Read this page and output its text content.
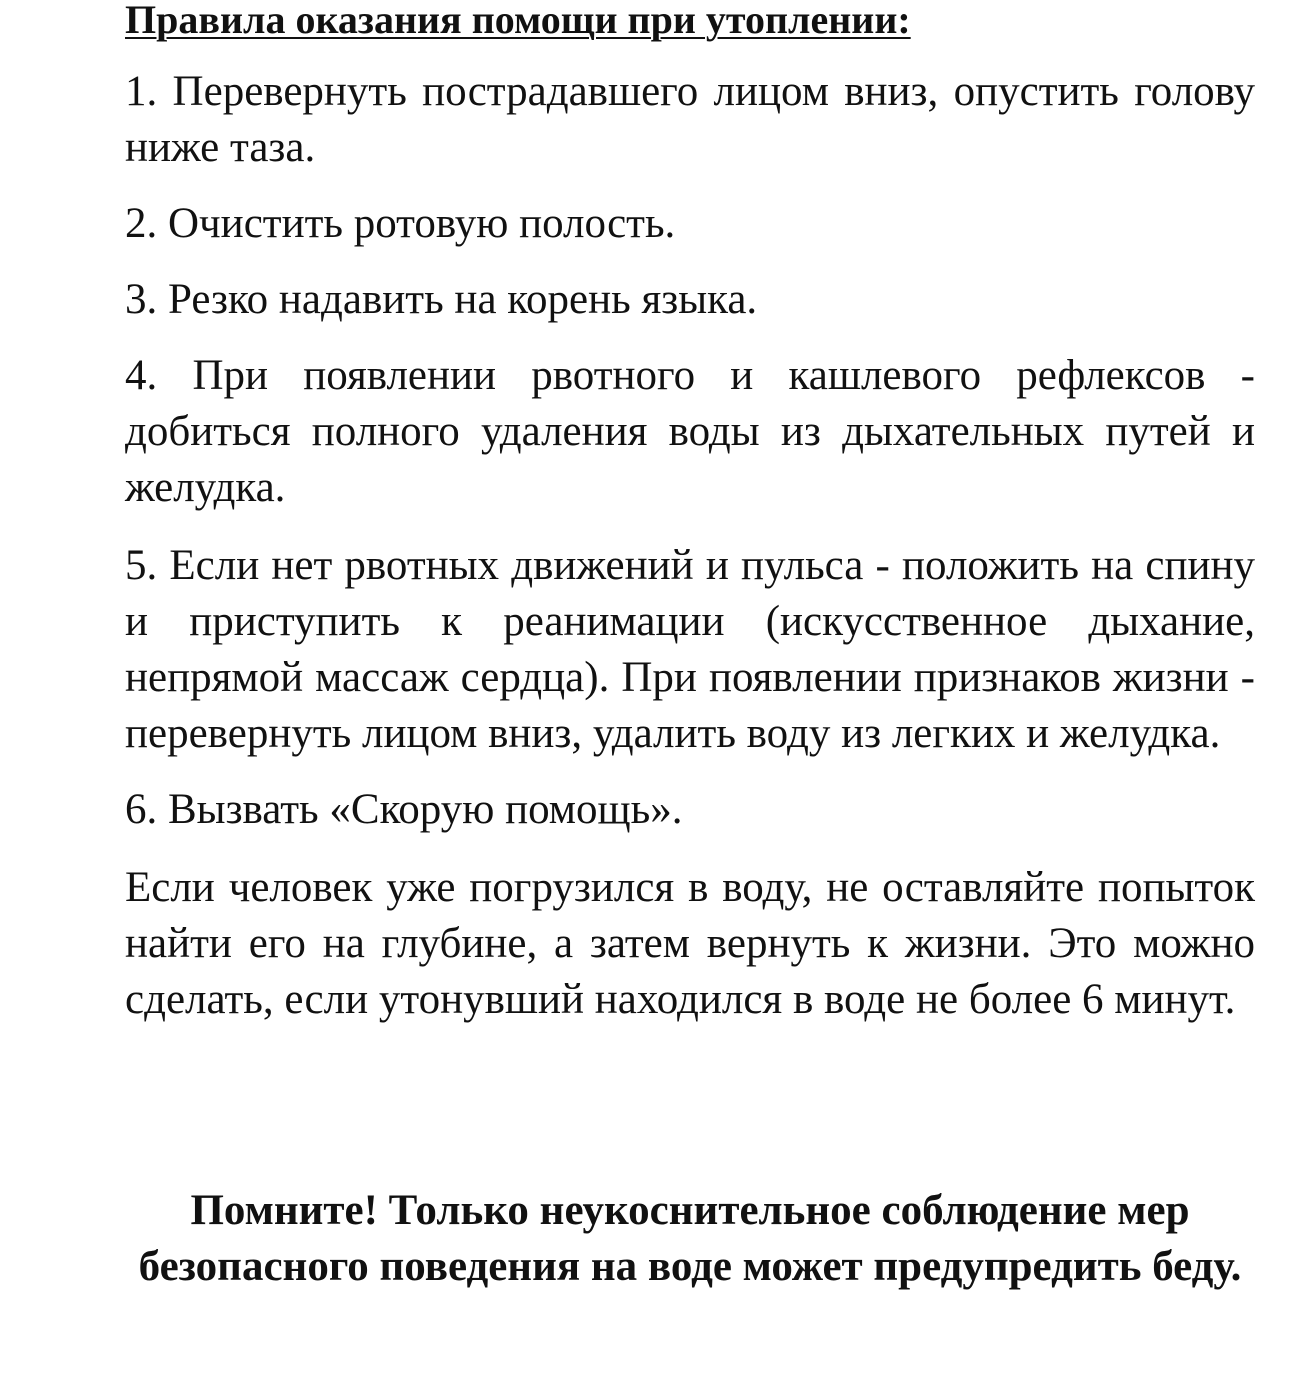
Правила оказания помощи при утоплении:

1. Перевернуть пострадавшего лицом вниз, опустить голову ниже таза.

2. Очистить ротовую полость.

3. Резко надавить на корень языка.

4. При появлении рвотного и кашлевого рефлексов - добиться полного удаления воды из дыхательных путей и желудка.

5. Если нет рвотных движений и пульса - положить на спину и приступить к реанимации (искусственное дыхание, непрямой массаж сердца). При появлении признаков жизни - перевернуть лицом вниз, удалить воду из легких и желудка.

6. Вызвать «Скорую помощь».

Если человек уже погрузился в воду, не оставляйте попыток найти его на глубине, а затем вернуть к жизни. Это можно сделать, если утонувший находился в воде не более 6 минут.

Помните! Только неукоснительное соблюдение мер безопасного поведения на воде может предупредить беду.
